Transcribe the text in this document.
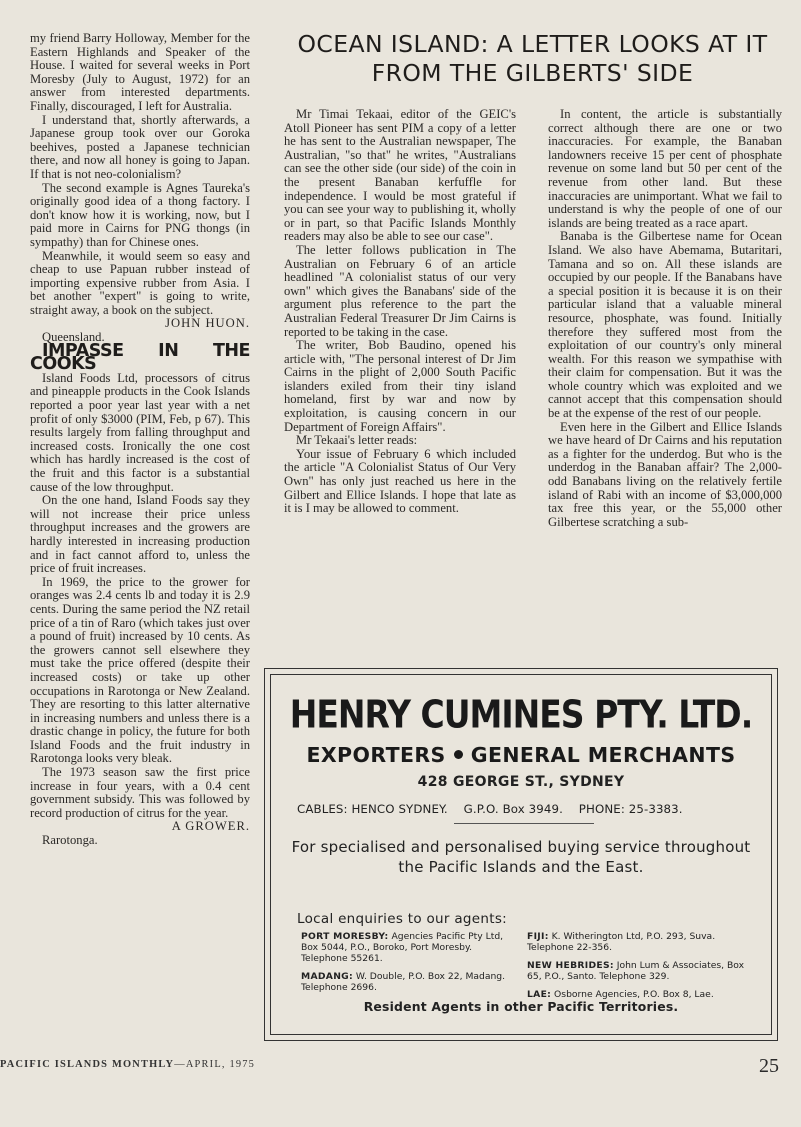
my friend Barry Holloway, Member for the Eastern Highlands and Speaker of the House. I waited for several weeks in Port Moresby (July to August, 1972) for an answer from interested departments. Finally, discouraged, I left for Australia.

I understand that, shortly afterwards, a Japanese group took over our Goroka beehives, posted a Japanese technician there, and now all honey is going to Japan. If that is not neo-colonialism?

The second example is Agnes Taureka's originally good idea of a thong factory. I don't know how it is working, now, but I paid more in Cairns for PNG thongs (in sympathy) than for Chinese ones.

Meanwhile, it would seem so easy and cheap to use Papuan rubber instead of importing expensive rubber from Asia. I bet another "expert" is going to write, straight away, a book on the subject.

JOHN HUON.

Queensland.

IMPASSE IN THE COOKS

Island Foods Ltd, processors of citrus and pineapple products in the Cook Islands reported a poor year last year with a net profit of only $3000 (PIM, Feb, p 67). This results largely from falling throughput and increased costs. Ironically the one cost which has hardly increased is the cost of the fruit and this factor is a substantial cause of the low throughput.

On the one hand, Island Foods say they will not increase their price unless throughput increases and the growers are hardly interested in increasing production and in fact cannot afford to, unless the price of fruit increases.

In 1969, the price to the grower for oranges was 2.4 cents lb and today it is 2.9 cents. During the same period the NZ retail price of a tin of Raro (which takes just over a pound of fruit) increased by 10 cents. As the growers cannot sell elsewhere they must take the price offered (despite their increased costs) or take up other occupations in Rarotonga or New Zealand. They are resorting to this latter alternative in increasing numbers and unless there is a drastic change in policy, the future for both Island Foods and the fruit industry in Rarotonga looks very bleak.

The 1973 season saw the first price increase in four years, with a 0.4 cent government subsidy. This was followed by record production of citrus for the year.

A GROWER.

Rarotonga.

OCEAN ISLAND: A LETTER LOOKS AT IT FROM THE GILBERTS' SIDE

Mr Timai Tekaai, editor of the GEIC's Atoll Pioneer has sent PIM a copy of a letter he has sent to the Australian newspaper, The Australian, "so that" he writes, "Australians can see the other side (our side) of the coin in the present Banaban kerfuffle for independence. I would be most grateful if you can see your way to publishing it, wholly or in part, so that Pacific Islands Monthly readers may also be able to see our case".

The letter follows publication in The Australian on February 6 of an article headlined "A colonialist status of our very own" which gives the Banabans' side of the argument plus reference to the part the Australian Federal Treasurer Dr Jim Cairns is reported to be taking in the case.

The writer, Bob Baudino, opened his article with, "The personal interest of Dr Jim Cairns in the plight of 2,000 South Pacific islanders exiled from their tiny island homeland, first by war and now by exploitation, is causing concern in our Department of Foreign Affairs".

Mr Tekaai's letter reads:

Your issue of February 6 which included the article "A Colonialist Status of Our Very Own" has only just reached us here in the Gilbert and Ellice Islands. I hope that late as it is I may be allowed to comment.

In content, the article is substantially correct although there are one or two inaccuracies. For example, the Banaban landowners receive 15 per cent of phosphate revenue on some land but 50 per cent of the revenue from other land. But these inaccuracies are unimportant. What we fail to understand is why the people of one of our islands are being treated as a race apart.

Banaba is the Gilbertese name for Ocean Island. We also have Abemama, Butaritari, Tamana and so on. All these islands are occupied by our people. If the Banabans have a special position it is because it is on their particular island that a valuable mineral resource, phosphate, was found. Initially therefore they suffered most from the exploitation of our country's only mineral wealth. For this reason we sympathise with their claim for compensation. But it was the whole country which was exploited and we cannot accept that this compensation should be at the expense of the rest of our people.

Even here in the Gilbert and Ellice Islands we have heard of Dr Cairns and his reputation as a fighter for the underdog. But who is the underdog in the Banaban affair? The 2,000-odd Banabans living on the relatively fertile island of Rabi with an income of $3,000,000 tax free this year, or the 55,000 other Gilbertese scratching a sub-

HENRY CUMINES PTY. LTD.
EXPORTERS GENERAL MERCHANTS
428 GEORGE ST., SYDNEY
CABLES: HENCO SYDNEY. G.P.O. Box 3949. PHONE: 25-3383.
For specialised and personalised buying service throughout the Pacific Islands and the East.
Local enquiries to our agents:

PORT MORESBY: Agencies Pacific Pty Ltd, Box 5044, P.O., Boroko, Port Moresby. Telephone 55261.

MADANG: W. Double, P.O. Box 22, Madang. Telephone 2696.

FIJI: K. Witherington Ltd, P.O. 293, Suva. Telephone 22-356.

NEW HEBRIDES: John Lum & Associates, Box 65, P.O., Santo. Telephone 329.

LAE: Osborne Agencies, P.O. Box 8, Lae.

Resident Agents in other Pacific Territories.
PACIFIC ISLANDS MONTHLY—APRIL, 1975	25
